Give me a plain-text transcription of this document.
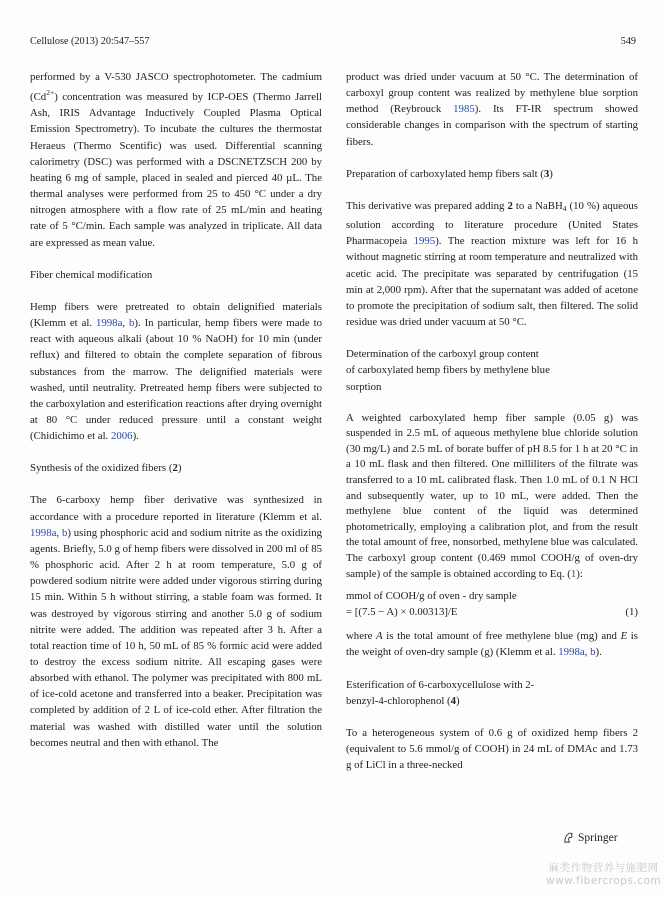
Cellulose (2013) 20:547–557	549

performed by a V-530 JASCO spectrophotometer. The cadmium $(Cd^{2+})$ concentration was measured by ICP-OES (Thermo Jarrell Ash, IRIS Advantage Inductively Coupled Plasma Optical Emission Spectrometry). To incubate the cultures the thermostat Heraeus (Thermo Scentific) was used. Differential scanning calorimetry (DSC) was performed with a DSCNETZSCH 200 by heating 6 mg of sample, placed in sealed and pierced 40 µL. The thermal analyses were performed from 25 to 450 °C under a dry nitrogen atmosphere with a flow rate of 25 mL/min and heating rate of 5 °C/min. Each sample was analyzed in triplicate. All data are expressed as mean value.

Fiber chemical modification

Hemp fibers were pretreated to obtain delignified materials (Klemm et al. 1998a, b). In particular, hemp fibers were made to react with aqueous alkali (about 10 % NaOH) for 10 min (under reflux) and filtered to obtain the complete separation of fibrous substances from the marrow. The delignified materials were washed, until neutrality. Pretreated hemp fibers were subjected to the carboxylation and esterification reactions after drying overnight at 80 °C under reduced pressure until a constant weight (Chidichimo et al. 2006).

Synthesis of the oxidized fibers (2)

The 6-carboxy hemp fiber derivative was synthesized in accordance with a procedure reported in literature (Klemm et al. 1998a, b) using phosphoric acid and sodium nitrite as the oxidizing agents. Briefly, 5.0 g of hemp fibers were dissolved in 200 ml of 85 % phosphoric acid. After 2 h at room temperature, 5.0 g of powdered sodium nitrite were added under vigorous stirring during 15 min. Within 5 h without stirring, a stable foam was formed. It was destroyed by vigorous stirring and another 5.0 g of sodium nitrite were added. The addition was repeated after 3 h. After a total reaction time of 10 h, 50 mL of 85 % formic acid were added to destroy the excess sodium nitrite. All escaping gases were absorbed with ethanol. The polymer was precipitated with 800 mL of ice-cold acetone and transferred into a beaker. Precipitation was completed by addition of 2 L of ice-cold ether. After filtration the material was washed with distilled water until the solution becomes neutral and then with ethanol. The

product was dried under vacuum at 50 °C. The determination of carboxyl group content was realized by methylene blue sorption method (Reybrouck 1985). Its FT-IR spectrum showed considerable changes in comparison with the spectrum of starting fibers.

Preparation of carboxylated hemp fibers salt (3)

This derivative was prepared adding 2 to a NaBH$_4$ (10 %) aqueous solution according to literature procedure (United States Pharmacopeia 1995). The reaction mixture was left for 16 h without magnetic stirring at room temperature and neutralized with acetic acid. The precipitate was separated by centrifugation (15 min at 2,000 rpm). After that the supernatant was added of acetone to promote the precipitation of sodium salt, then filtered. The solid residue was dried under vacuum at 50 °C.

Determination of the carboxyl group content
of carboxylated hemp fibers by methylene blue
sorption

A weighted carboxylated hemp fiber sample (0.05 g) was suspended in 2.5 mL of aqueous methylene blue chloride solution (30 mg/L) and 2.5 mL of borate buffer of pH 8.5 for 1 h at 20 °C in a 10 mL flask and then filtered. One milliliters of the filtrate was transferred to a 10 mL calibrated flask. Then 1.0 mL of 0.1 N HCl and subsequently water, up to 10 mL, were added. Then the methylene blue content of the liquid was determined photometrically, employing a calibration plot, and from the result the total amount of free, nonsorbed, methylene blue was calculated. The carboxyl group content (0.469 mmol COOH/g of oven-dry sample) of the sample is obtained according to Eq. (1):

mmol of COOH/g of oven - dry sample
= [(7.5 − A) × 0.00313]/E	(1)

where A is the total amount of free methylene blue (mg) and E is the weight of oven-dry sample (g) (Klemm et al. 1998a, b).

Esterification of 6-carboxycellulose with 2-
benzyl-4-chlorophenol (4)

To a heterogeneous system of 0.6 g of oxidized hemp fibers 2 (equivalent to 5.6 mmol/g of COOH) in 24 mL of DMAc and 1.73 g of LiCl in a three-necked

Springer
麻类作物营养与施肥网
www.fibercrops.com
